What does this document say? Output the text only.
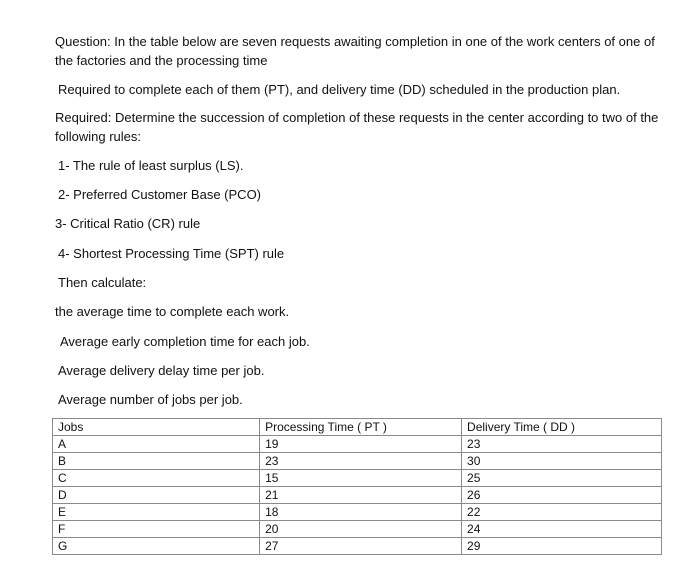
Question: In the table below are seven requests awaiting completion in one of the work centers of one of the factories and the processing time
Required to complete each of them (PT), and delivery time (DD) scheduled in the production plan.
Required: Determine the succession of completion of these requests in the center according to two of the following rules:
1- The rule of least surplus (LS).
2- Preferred Customer Base (PCO)
3- Critical Ratio (CR) rule
4- Shortest Processing Time (SPT) rule
Then calculate:
the average time to complete each work.
Average early completion time for each job.
Average delivery delay time per job.
Average number of jobs per job.
Jobs	Processing Time ( PT )	Delivery Time ( DD )
A	19	23
B	23	30
C	15	25
D	21	26
E	18	22
F	20	24
G	27	29
